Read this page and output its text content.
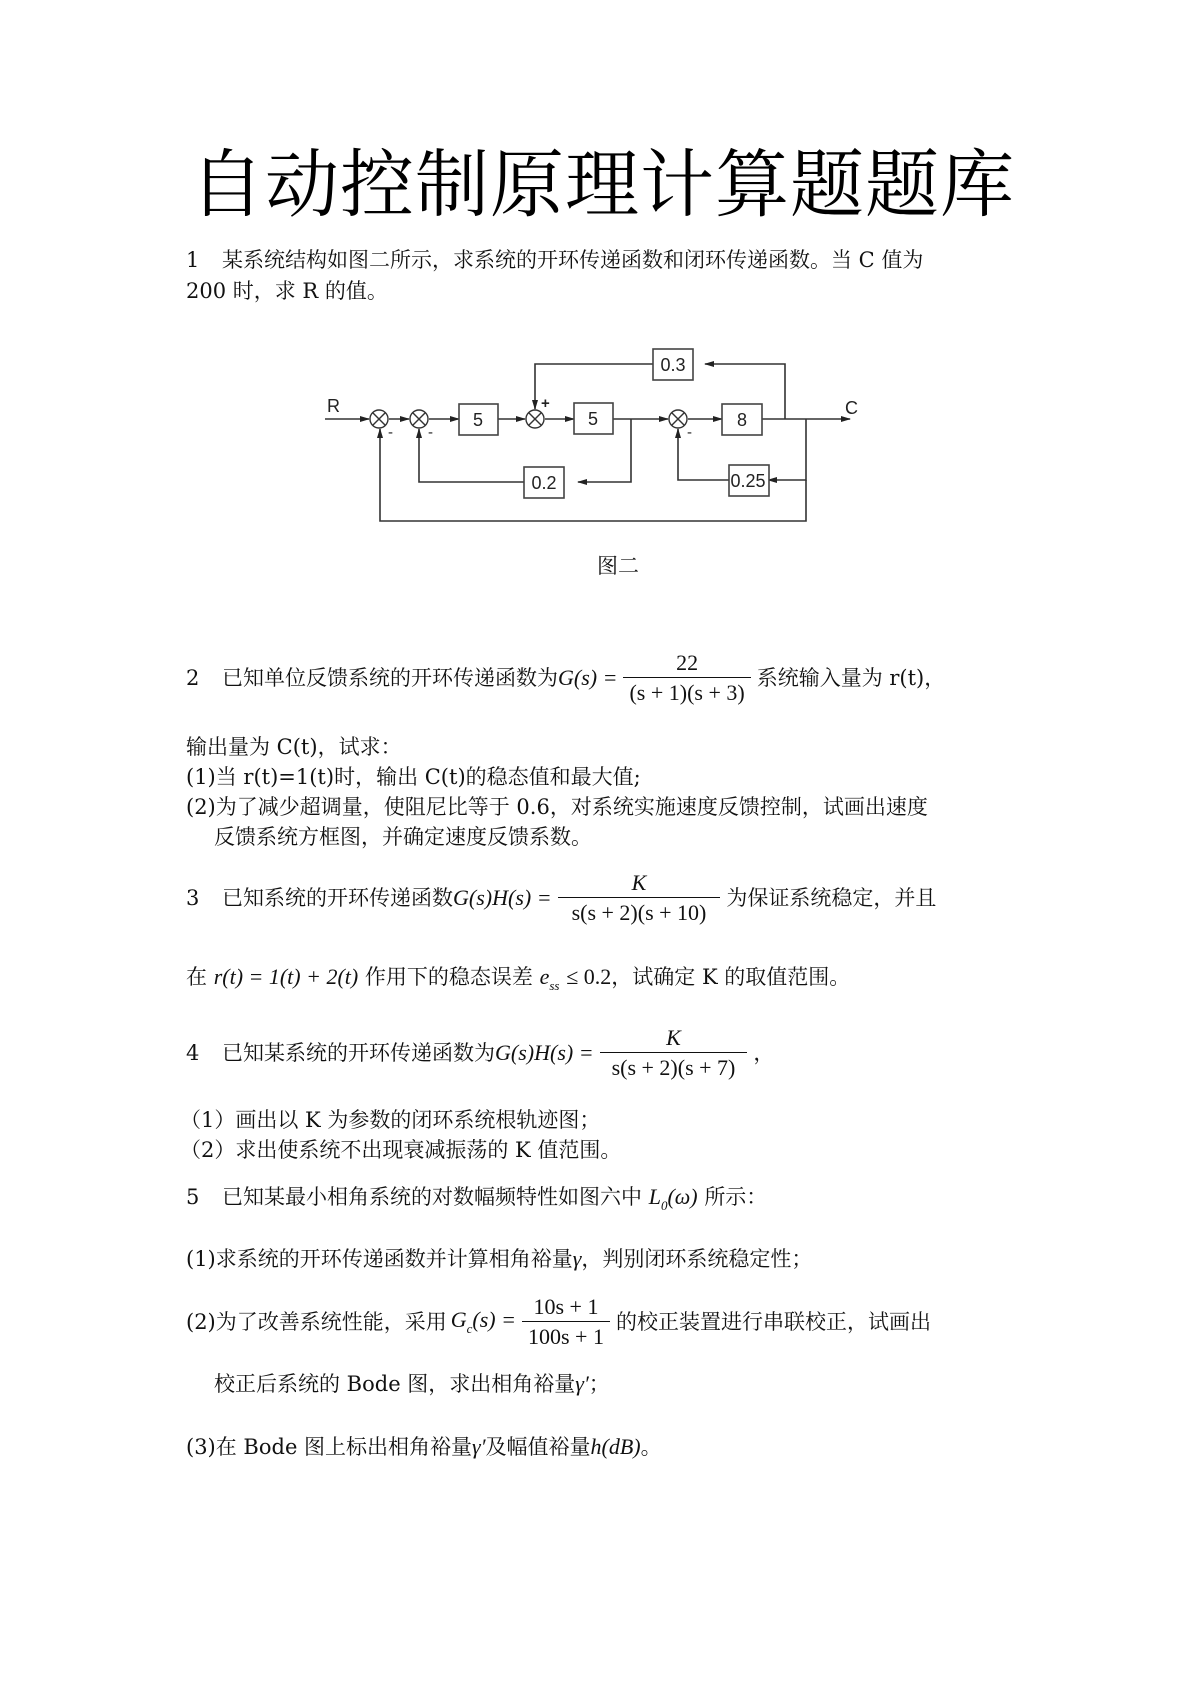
自动控制原理计算题题库
1 某系统结构如图二所示，求系统的开环传递函数和闭环传递函数。当 C 值为
200 时，求 R 的值。
5	5	8
0.3
0.2	0.25
R	C
- -
+
-
图二
2	已知单位反馈系统的开环传递函数为 $G(s) = \frac{22}{(s + 1)(s + 3)}$ 系统输入量为 r(t)，
输出量为 C(t)，试求：
(1)当 r(t)=1(t)时，输出 C(t)的稳态值和最大值;
(2)为了减少超调量，使阻尼比等于 0.6，对系统实施速度反馈控制，试画出速度
反馈系统方框图，并确定速度反馈系数。
3	已知系统的开环传递函数 $G(s)H(s) = \frac{K}{s(s + 2)(s + 10)}$ 为保证系统稳定，并且
在 r(t) = 1(t) + 2(t) 作用下的稳态误差 $e_{ss} \le 0.2$，试确定 K 的取值范围。
4	已知某系统的开环传递函数为 $G(s)H(s) = \frac{K}{s(s + 2)(s + 7)}$ ，
（1）画出以 K 为参数的闭环系统根轨迹图；
（2）求出使系统不出现衰减振荡的 K 值范围。
5 已知某最小相角系统的对数幅频特性如图六中 $L_0(\omega)$ 所示：
(1)求系统的开环传递函数并计算相角裕量γ，判别闭环系统稳定性；
(2)为了改善系统性能，采用 $G_c(s) = \frac{10s + 1}{100s + 1}$ 的校正装置进行串联校正，试画出
校正后系统的 Bode 图，求出相角裕量γ′；
(3)在 Bode 图上标出相角裕量γ′及幅值裕量h(dB)。
